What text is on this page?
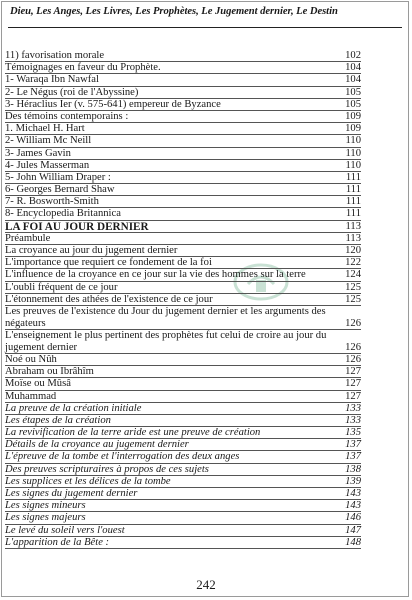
Dieu, Les Anges, Les Livres, Les Prophètes, Le Jugement dernier, Le Destin
11) favorisation morale	102
Témoignages en faveur du Prophète.	104
1- Waraqa Ibn Nawfal	104
2- Le Négus (roi de l'Abyssine)	105
3- Héraclius Ier (v. 575-641) empereur de Byzance	105
Des témoins contemporains :	109
1. Michael H. Hart	109
2- William Mc Neill	110
3- James Gavin	110
4- Jules Masserman	110
5- John William Draper :	111
6- Georges Bernard Shaw	111
7- R. Bosworth-Smith	111
8- Encyclopedia Britannica	111
LA FOI AU JOUR DERNIER	113
Préambule	113
La croyance au jour du jugement dernier	120
L'importance que requiert ce fondement de la foi	122
L'influence de la croyance en ce jour sur la vie des hommes sur la terre	124
L'oubli fréquent de ce jour	125
L'étonnement des athées de l'existence de ce jour	125
Les preuves de l'existence du Jour du jugement dernier et les arguments des négateurs	126
L'enseignement le plus pertinent des prophètes fut celui de croire au jour du jugement dernier	126
Noé ou Nûh	126
Abraham ou Ibrâhîm	127
Moïse ou Mûsâ	127
Muhammad	127
La preuve de la création initiale	133
Les étapes de la création	133
La revivification de la terre aride est une preuve de création	135
Détails de la croyance au jugement dernier	137
L'épreuve de la tombe et l'interrogation des deux anges	137
Des preuves scripturaires à propos de ces sujets	138
Les supplices et les délices de la tombe	139
Les signes du jugement dernier	143
Les signes mineurs	143
Les signes majeurs	146
Le levé du soleil vers l'ouest	147
L'apparition de la Bête :	148
242
